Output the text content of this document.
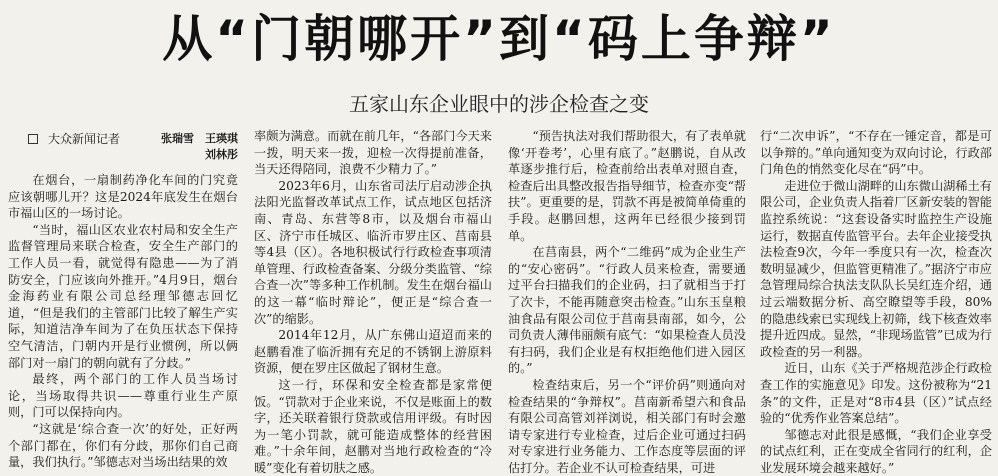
从“门朝哪开”到“码上争辩”
五家山东企业眼中的涉企检查之变
大众新闻记者	张瑞雪　王瑛琪
刘林彤

在烟台，一扇制药净化车间的门究竟应该朝哪儿开？这是2024年底发生在烟台市福山区的一场讨论。

“当时，福山区农业农村局和安全生产监督管理局来联合检查，安全生产部门的工作人员一看，就觉得有隐患——为了消防安全，门应该向外推开。”4月9日，烟台金海药业有限公司总经理邹德志回忆道，“但是我们的主管部门比较了解生产实际，知道洁净车间为了在负压状态下保持空气清洁，门朝内开是行业惯例，所以俩部门对一扇门的朝向就有了分歧。”

最终，两个部门的工作人员当场讨论，当场取得共识——尊重行业生产原则，门可以保持向内。

“这就是‘综合查一次’的好处，正好两个部门都在，你们有分歧，那你们自己商量，我们执行。”邹德志对当场出结果的效

率颇为满意。而就在前几年，“各部门今天来一拨，明天来一拨，迎检一次得提前准备，当天还得陪同，浪费不少精力了。”

2023年6月，山东省司法厅启动涉企执法阳光监督改革试点工作，试点地区包括济南、青岛、东营等8市，以及烟台市福山区、济宁市任城区、临沂市罗庄区、莒南县等4县（区）。各地积极试行行政检查事项清单管理、行政检查备案、分级分类监管、“综合查一次”等多种工作机制。发生在烟台福山的这一幕“临时辩论”，便正是“综合查一次”的缩影。

2014年12月，从广东佛山迢迢而来的赵鹏看准了临沂拥有充足的不锈钢上游原料资源，便在罗庄区做起了钢材生意。

这一行，环保和安全检查都是家常便饭。“罚款对于企业来说，不仅是账面上的数字，还关联着银行贷款或信用评级。有时因为一笔小罚款，就可能造成整体的经营困难。”十余年间，赵鹏对当地行政检查的“冷暖”变化有着切肤之感。

“预告执法对我们帮助很大，有了表单就像‘开卷考’，心里有底了。”赵鹏说，自从改革逐步推行后，检查前给出表单对照自查，检查后出具整改报告指导细节，检查亦变“帮扶”。更重要的是，罚款不再是被简单倚重的手段。赵鹏回想，这两年已经很少接到罚单。

在莒南县，两个“二维码”成为企业生产的“安心密码”。“行政人员来检查，需要通过平台扫描我们的企业码，扫了就相当于打了次卡，不能再随意突击检查。”山东玉皇粮油食品有限公司位于莒南县南部，如今，公司负责人薄伟丽颇有底气：“如果检查人员没有扫码，我们企业是有权拒绝他们进入园区的。”

检查结束后，另一个“评价码”则通向对检查结果的“争辩权”。莒南新希望六和食品有限公司高管刘祥浏说，相关部门有时会邀请专家进行专业检查，过后企业可通过扫码对专家进行业务能力、工作态度等层面的评估打分。若企业不认可检查结果，可进

行“二次申诉”，“不存在一锤定音，都是可以争辩的。”单向通知变为双向讨论，行政部门角色的悄然变化尽在“码”中。

走进位于微山湖畔的山东微山湖稀土有限公司，企业负责人指着厂区新安装的智能监控系统说：“这套设备实时监控生产设施运行，数据直传监管平台。去年企业接受执法检查9次，今年一季度只有一次，检查次数明显减少，但监管更精准了。”据济宁市应急管理局综合执法支队队长吴红连介绍，通过云端数据分析、高空瞭望等手段，80%的隐患线索已实现线上初筛，线下核查效率提升近四成。显然，“非现场监管”已成为行政检查的另一利器。

近日，山东《关于严格规范涉企行政检查工作的实施意见》印发。这份被称为“21条”的文件，正是对“8市4县（区）”试点经验的“优秀作业答案总结”。

邹德志对此很是感慨，“我们企业享受的试点红利，正在变成全省同行的红利，企业发展环境会越来越好。”
